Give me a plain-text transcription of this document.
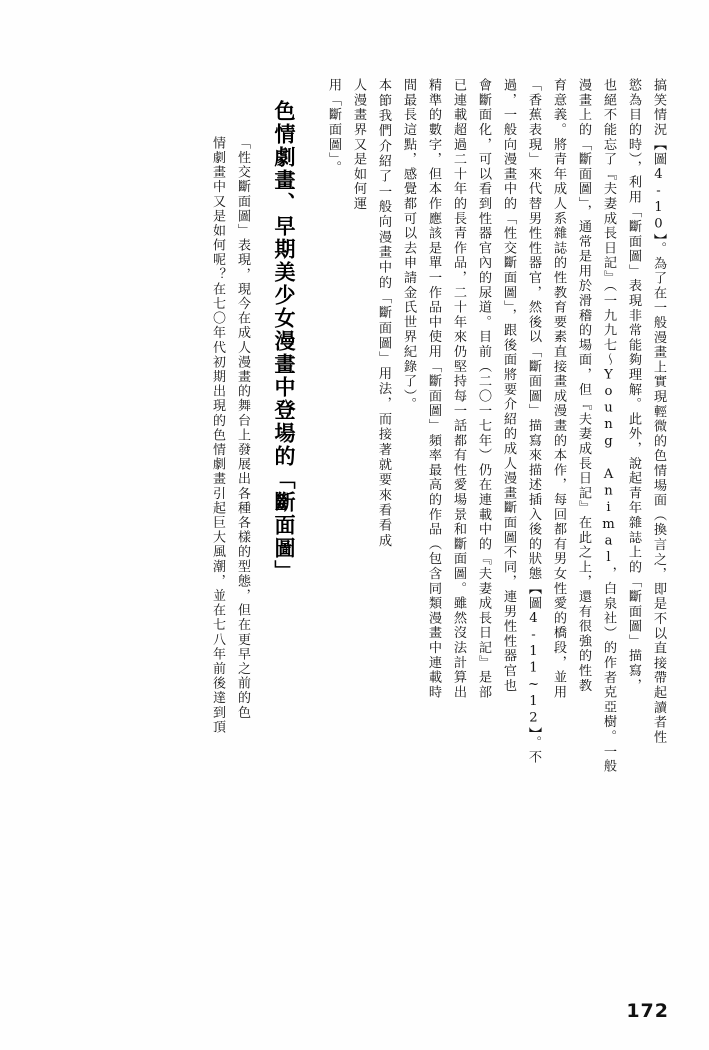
搞笑情況【圖4-10】。為了在一般漫畫上實現輕微的色情場面（換言之，即是不以直接帶起讀者性
慾為目的時），利用「斷面圖」表現非常能夠理解。此外，說起青年雜誌上的「斷面圖」描寫，
也絕不能忘了『夫妻成長日記』（一九九七～Young Animal，白泉社）的作者克亞樹。一般
漫畫上的「斷面圖」，通常是用於滑稽的場面，但『夫妻成長日記』在此之上，還有很強的性教
育意義。將青年成人系雜誌的性教育要素直接畫成漫畫的本作，每回都有男女性愛的橋段，並用
「香蕉表現」來代替男性性器官，然後以「斷面圖」描寫來描述插入後的狀態【圖4-11~12】。不
過，一般向漫畫中的「性交斷面圖」，跟後面將要介紹的成人漫畫斷面圖不同，連男性性器官也
會斷面化，可以看到性器官內的尿道。目前（二〇一七年）仍在連載中的『夫妻成長日記』是部
已連載超過二十年的長青作品，二十年來仍堅持每一話都有性愛場景和斷面圖。雖然沒法計算出
精準的數字，但本作應該是單一作品中使用「斷面圖」頻率最高的作品（包含同類漫畫中連載時
間最長這點，感覺都可以去申請金氏世界紀錄了）。
本節我們介紹了一般向漫畫中的「斷面圖」用法，而接著就要來看看成人漫畫界又是如何運
用「斷面圖」。
色情劇畫、早期美少女漫畫中登場的「斷面圖」
「性交斷面圖」表現，現今在成人漫畫的舞台上發展出各種各樣的型態，但在更早之前的色
情劇畫中又是如何呢？在七〇年代初期出現的色情劇畫引起巨大風潮，並在七八年前後達到頂
172
